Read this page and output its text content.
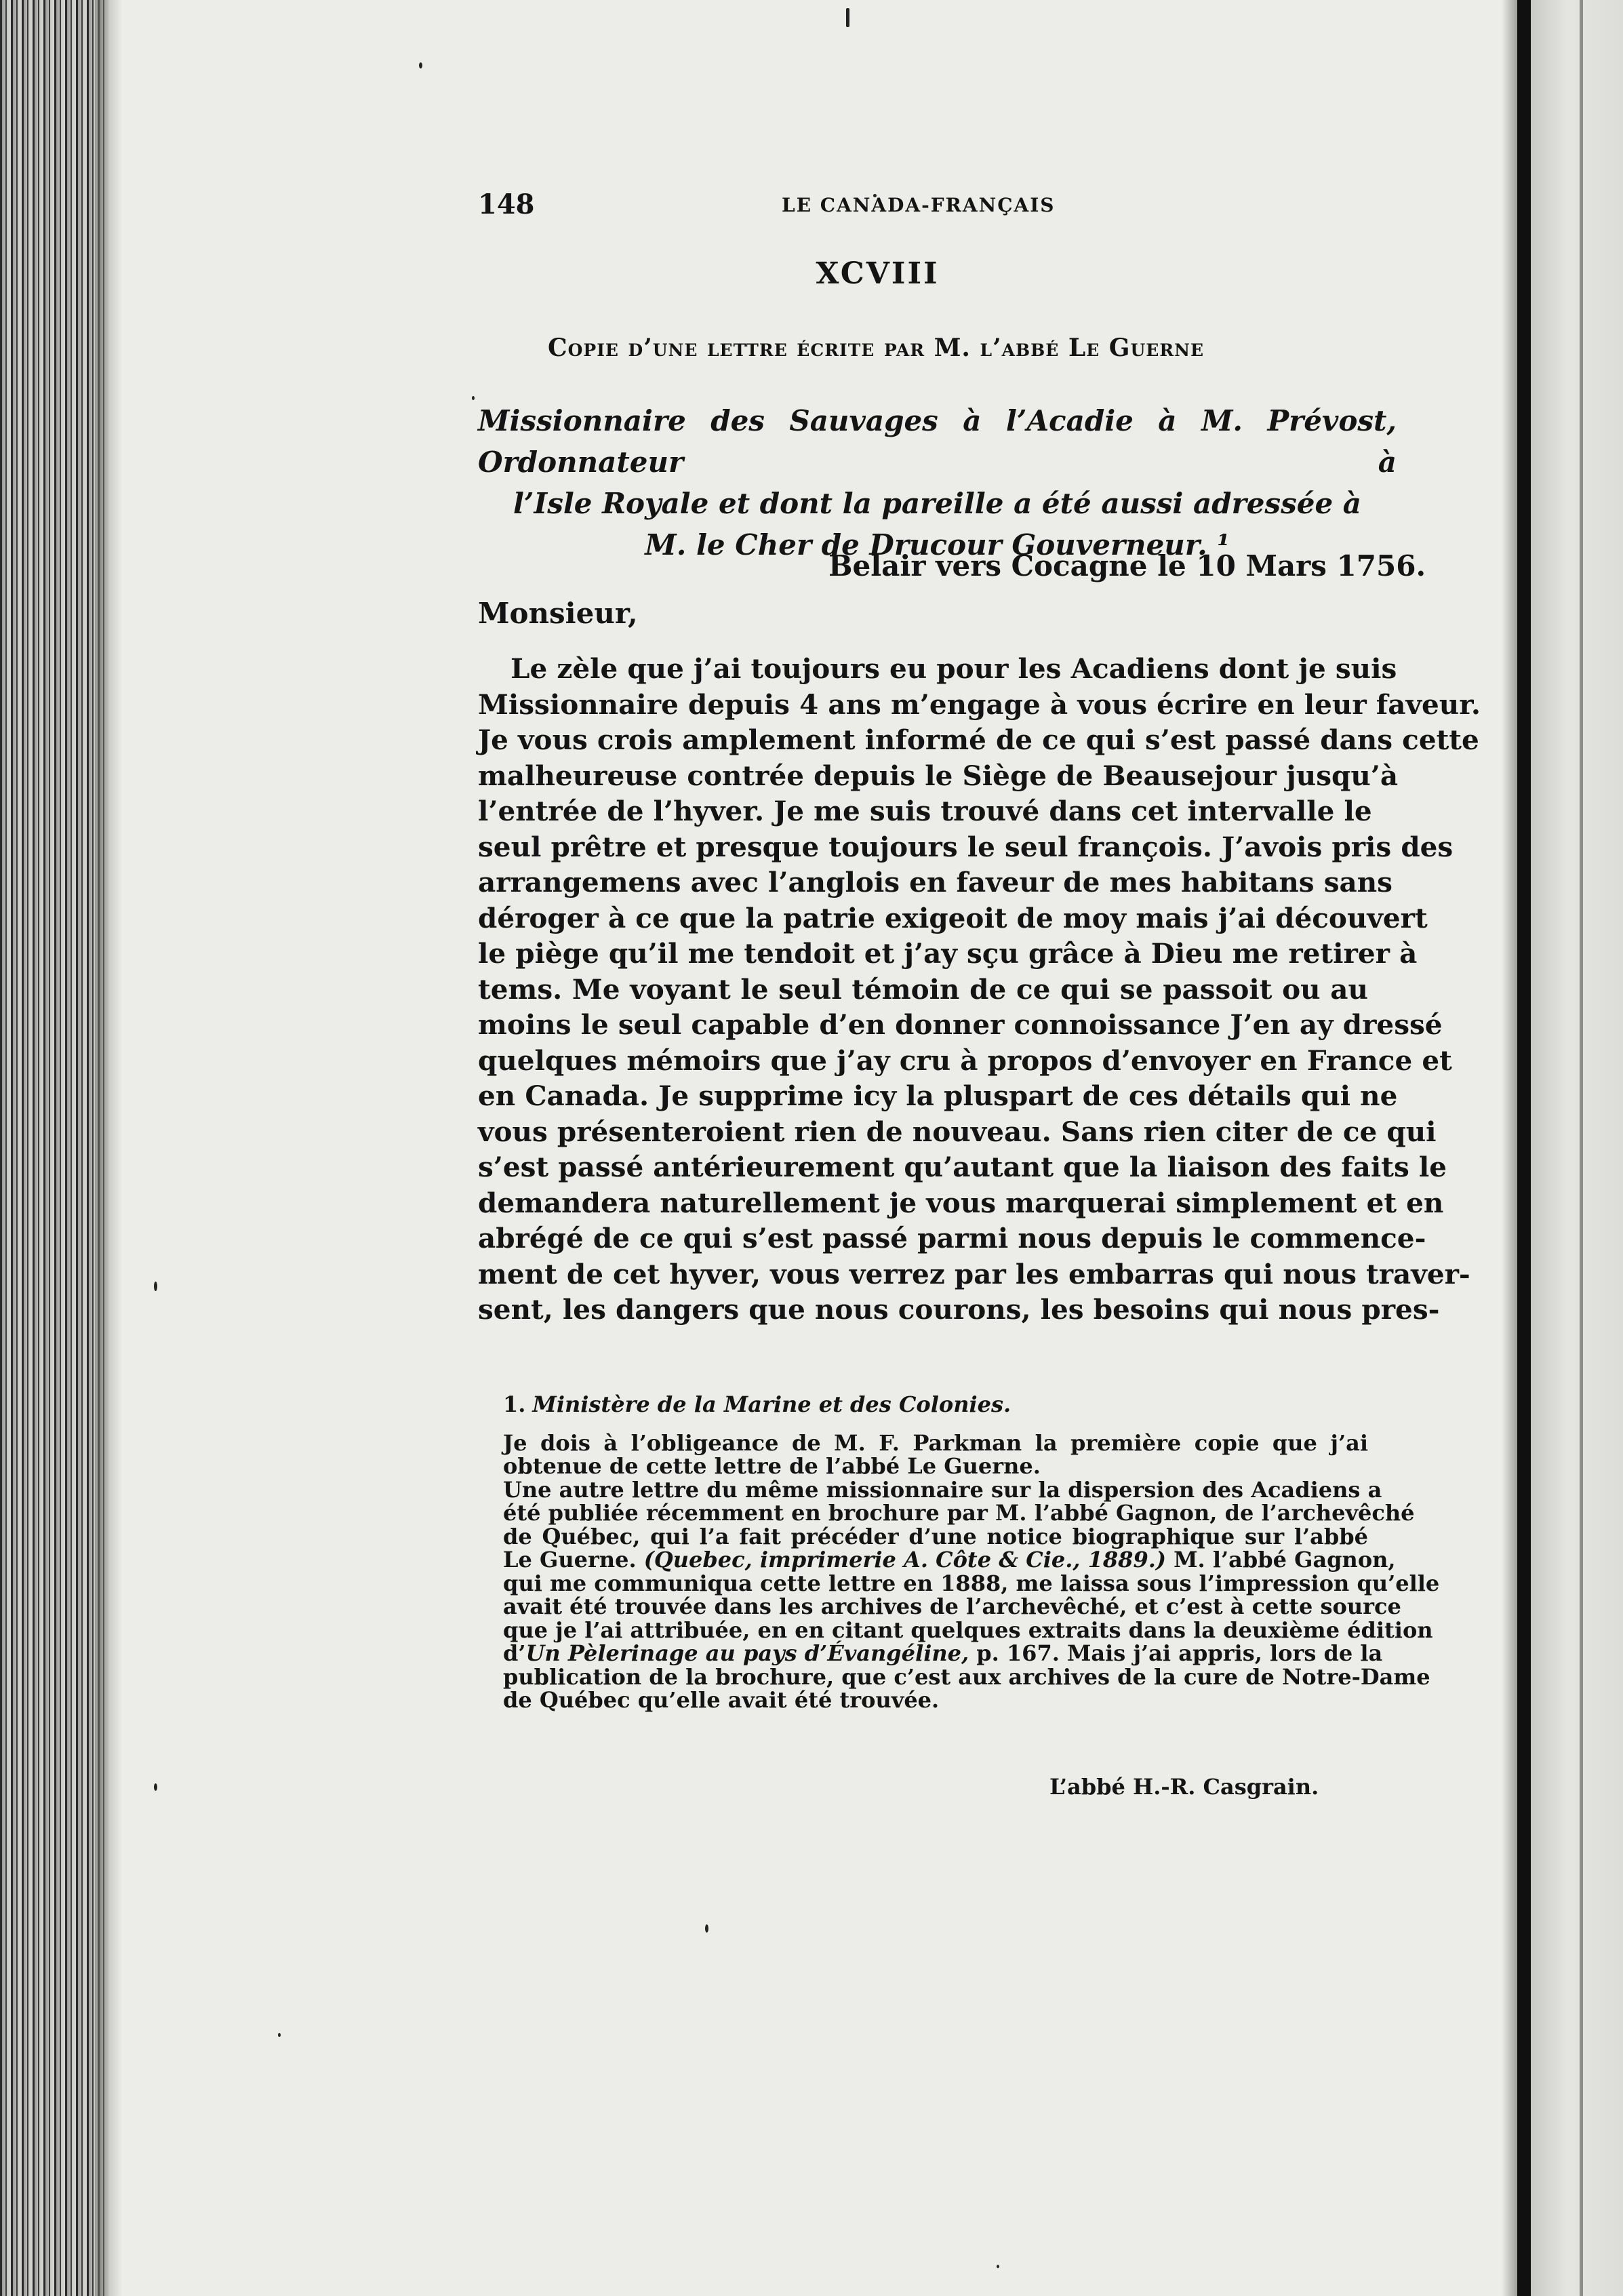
148	LE CANADA-FRANÇAIS
XCVIII
Copie d’une lettre écrite par M. l’abbé Le Guerne
Missionnaire des Sauvages à l’Acadie à M. Prévost, Ordonnateur à
l’Isle Royale et dont la pareille a été aussi adressée à
M. le Cher de Drucour Gouverneur. ¹
Belair vers Cocagne le 10 Mars 1756.
Monsieur,
Le zèle que j’ai toujours eu pour les Acadiens dont je suis
Missionnaire depuis 4 ans m’engage à vous écrire en leur faveur.
Je vous crois amplement informé de ce qui s’est passé dans cette
malheureuse contrée depuis le Siège de Beausejour jusqu’à
l’entrée de l’hyver. Je me suis trouvé dans cet intervalle le
seul prêtre et presque toujours le seul françois. J’avois pris des
arrangemens avec l’anglois en faveur de mes habitans sans
déroger à ce que la patrie exigeoit de moy mais j’ai découvert
le piège qu’il me tendoit et j’ay sçu grâce à Dieu me retirer à
tems. Me voyant le seul témoin de ce qui se passoit ou au
moins le seul capable d’en donner connoissance J’en ay dressé
quelques mémoirs que j’ay cru à propos d’envoyer en France et
en Canada. Je supprime icy la pluspart de ces détails qui ne
vous présenteroient rien de nouveau. Sans rien citer de ce qui
s’est passé antérieurement qu’autant que la liaison des faits le
demandera naturellement je vous marquerai simplement et en
abrégé de ce qui s’est passé parmi nous depuis le commence-
ment de cet hyver, vous verrez par les embarras qui nous traver-
sent, les dangers que nous courons, les besoins qui nous pres-
1. Ministère de la Marine et des Colonies.
Je dois à l’obligeance de M. F. Parkman la première copie que j’ai
obtenue de cette lettre de l’abbé Le Guerne.
Une autre lettre du même missionnaire sur la dispersion des Acadiens a
été publiée récemment en brochure par M. l’abbé Gagnon, de l’archevêché
de Québec, qui l’a fait précéder d’une notice biographique sur l’abbé
Le Guerne. (Quebec, imprimerie A. Côte & Cie., 1889.) M. l’abbé Gagnon,
qui me communiqua cette lettre en 1888, me laissa sous l’impression qu’elle
avait été trouvée dans les archives de l’archevêché, et c’est à cette source
que je l’ai attribuée, en en citant quelques extraits dans la deuxième édition
d’Un Pèlerinage au pays d’Évangéline, p. 167. Mais j’ai appris, lors de la
publication de la brochure, que c’est aux archives de la cure de Notre-Dame
de Québec qu’elle avait été trouvée.
L’abbé H.-R. Casgrain.
